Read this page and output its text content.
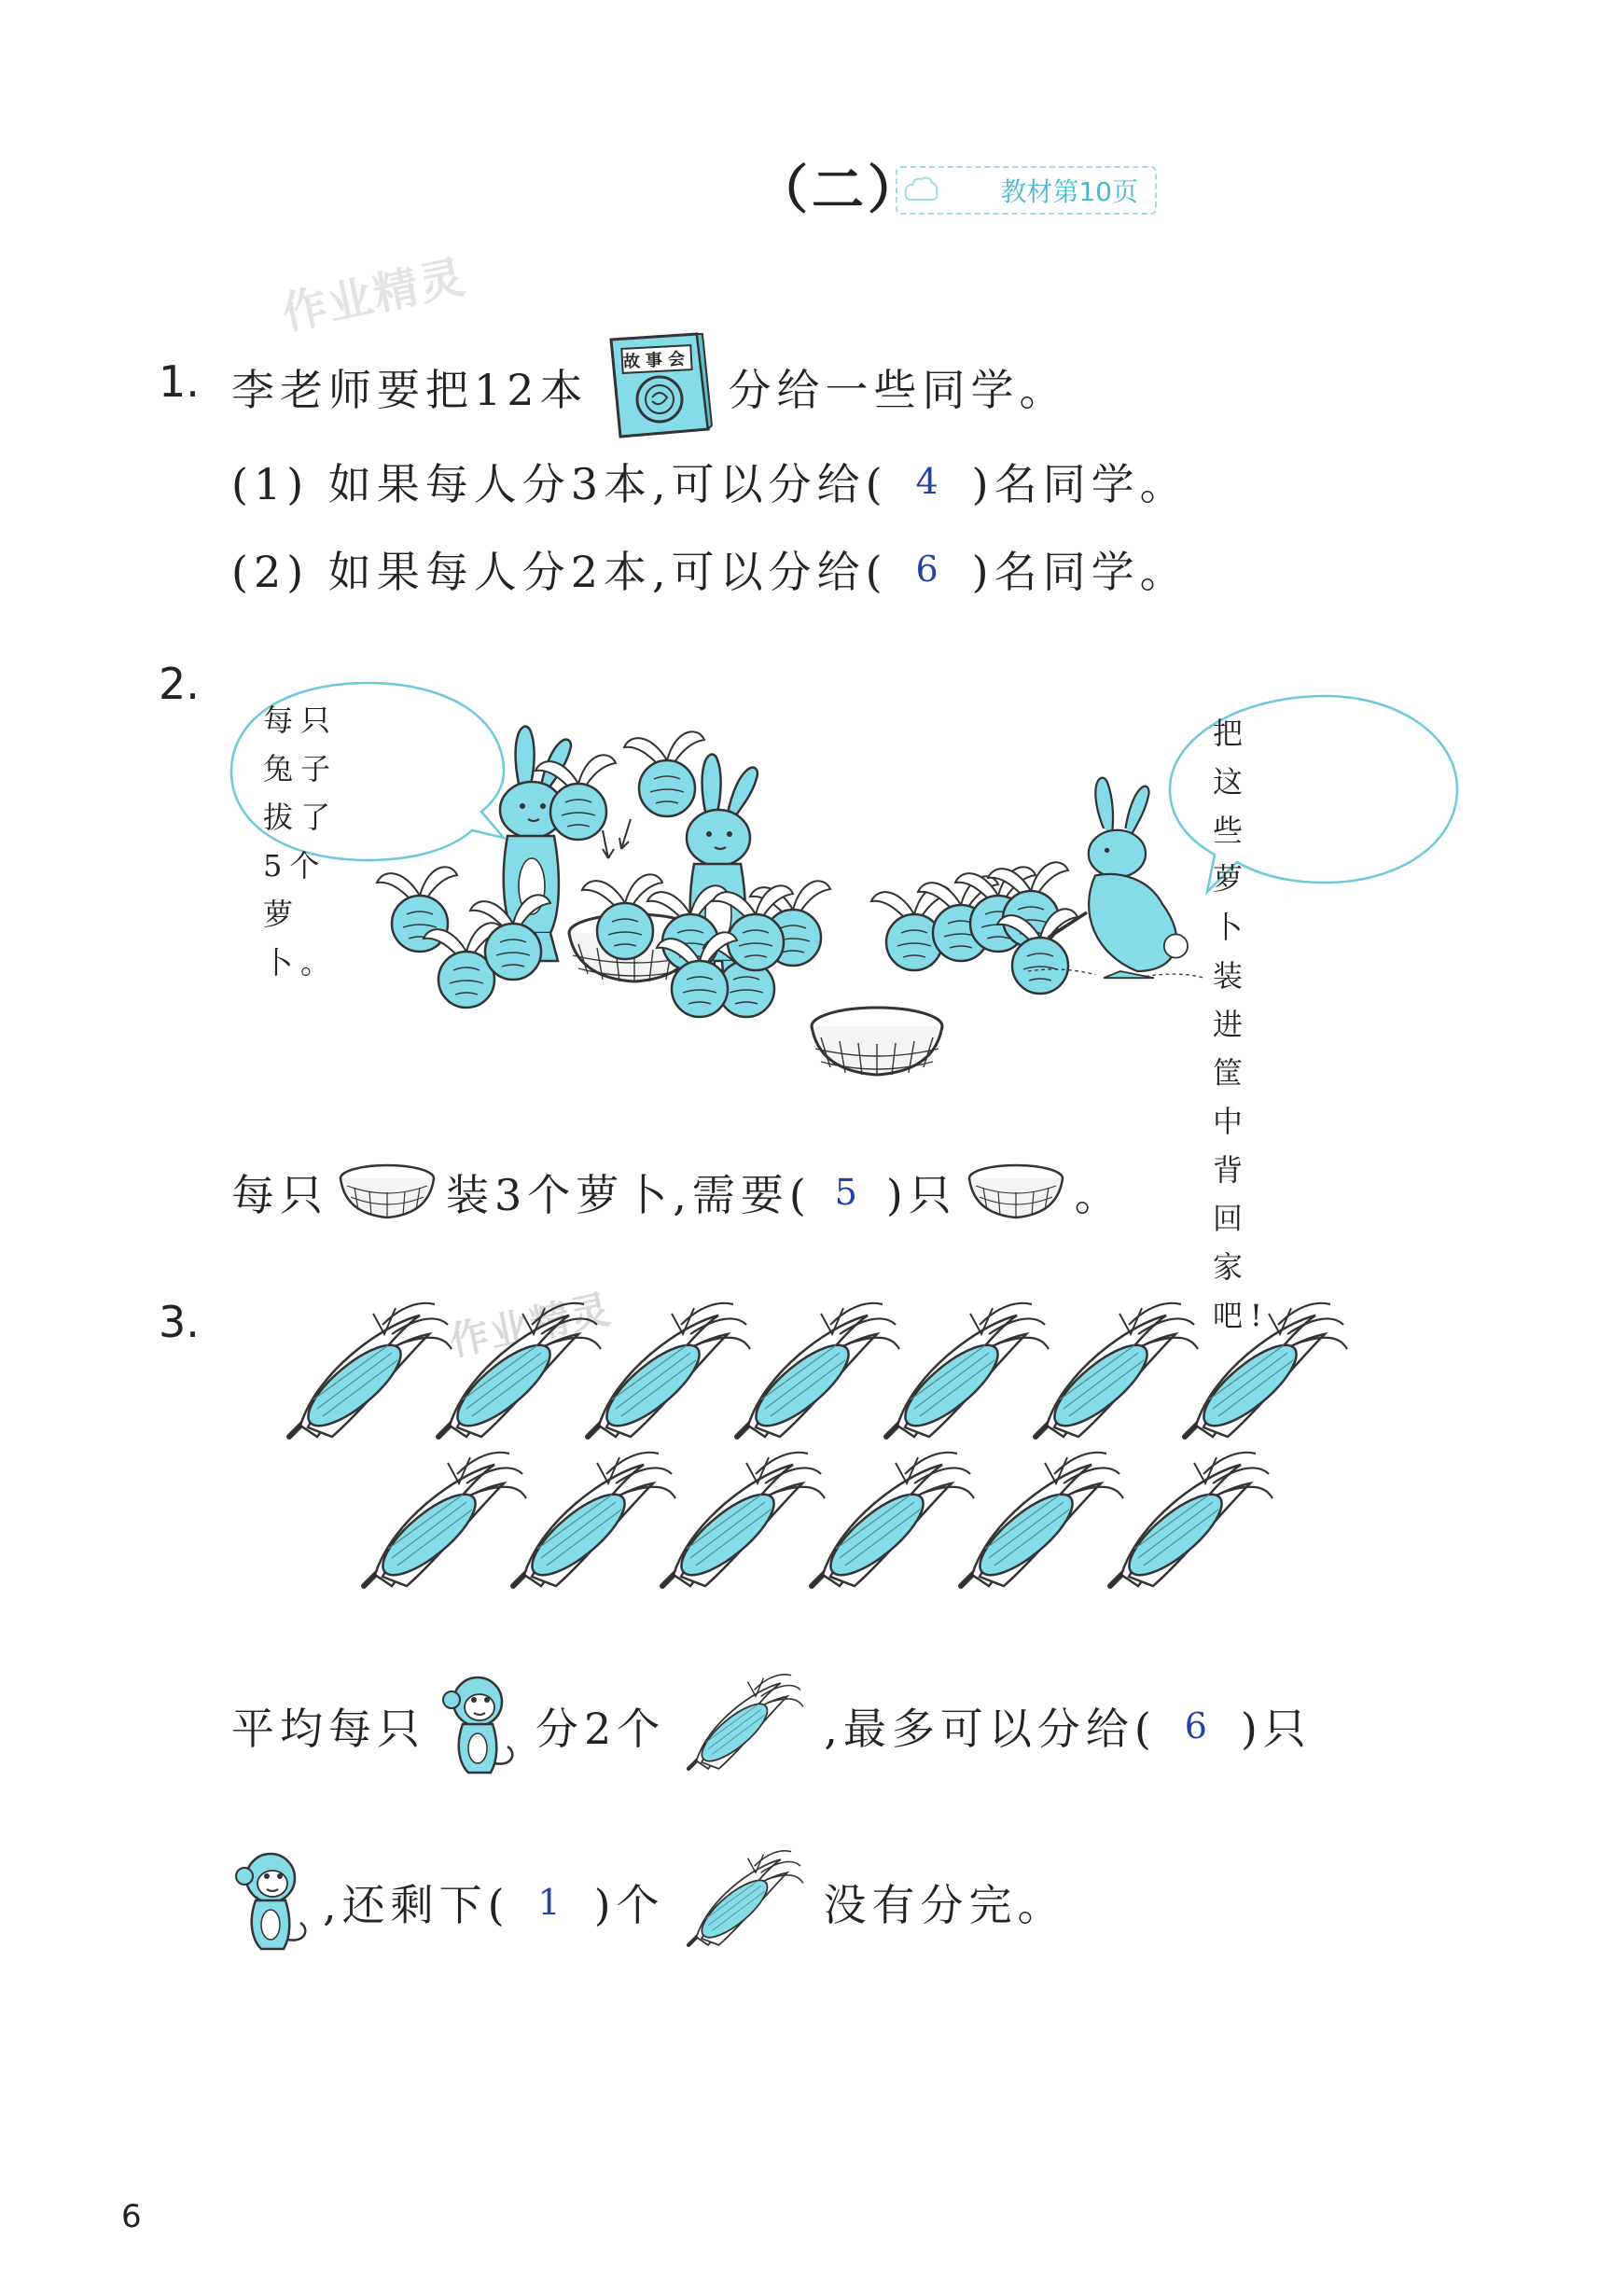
（二）	教材第10页
作业精灵
作业精灵
1. 李老师要把12本
故事会
分给一些同学。
(1) 如果每人分3本,可以分给( 4 )名同学。
(2) 如果每人分2本,可以分给( 6 )名同学。
2.
每只兔子
拔了5个
萝卜。
把这些萝卜
装进筐中背
回家吧!
每只	装3个萝卜,需要( 5 )只	。
3.
平均每只	分2个	,最多可以分给( 6 )只
,还剩下( 1 )个	没有分完。
6
